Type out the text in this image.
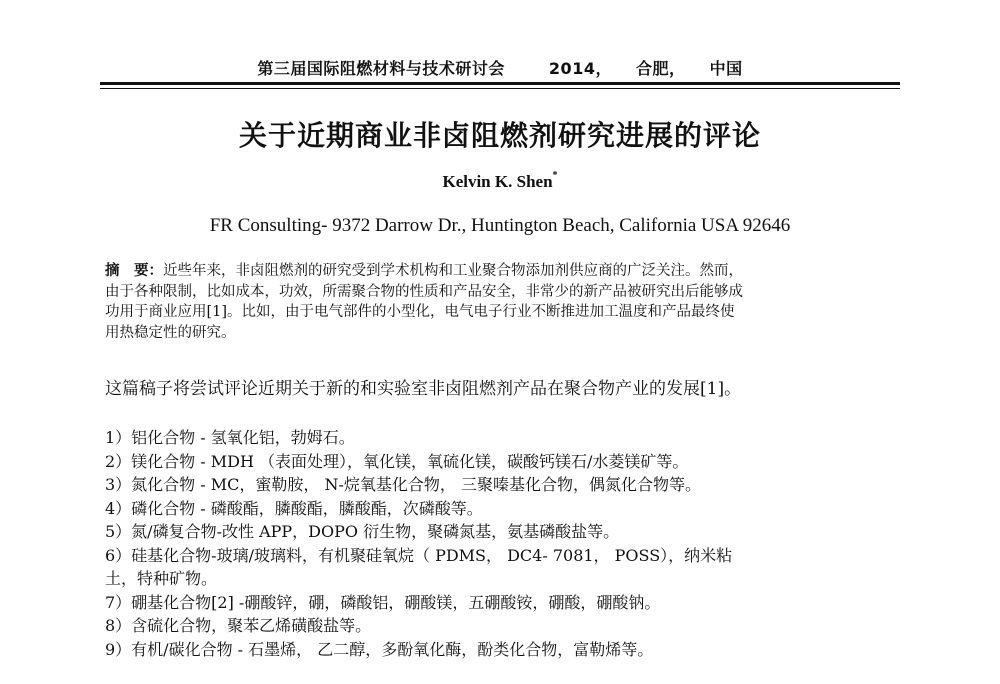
第三届国际阻燃材料与技术研讨会	2014， 合肥， 中国
关于近期商业非卤阻燃剂研究进展的评论
Kelvin K. Shen*
FR Consulting- 9372 Darrow Dr., Huntington Beach, California USA 92646
摘　要：近些年来，非卤阻燃剂的研究受到学术机构和工业聚合物添加剂供应商的广泛关注。然而，
由于各种限制，比如成本，功效，所需聚合物的性质和产品安全，非常少的新产品被研究出后能够成
功用于商业应用[1]。比如，由于电气部件的小型化，电气电子行业不断推进加工温度和产品最终使
用热稳定性的研究。
这篇稿子将尝试评论近期关于新的和实验室非卤阻燃剂产品在聚合物产业的发展[1]。
1）铝化合物 - 氢氧化铝，勃姆石。
2）镁化合物 - MDH （表面处理），氧化镁，氧硫化镁，碳酸钙镁石/水菱镁矿等。
3）氮化合物 - MC，蜜勒胺， N-烷氧基化合物， 三聚嗪基化合物，偶氮化合物等。
4）磷化合物 - 磷酸酯，膦酸酯，膦酸酯，次磷酸等。
5）氮/磷复合物-改性 APP，DOPO 衍生物，聚磷氮基，氨基磷酸盐等。
6）硅基化合物-玻璃/玻璃料，有机聚硅氧烷（ PDMS， DC4- 7081， POSS），纳米粘
土，特种矿物。
7）硼基化合物[2] -硼酸锌，硼，磷酸铝，硼酸镁，五硼酸铵，硼酸，硼酸钠。
8）含硫化合物，聚苯乙烯磺酸盐等。
9）有机/碳化合物 - 石墨烯， 乙二醇，多酚氧化酶，酚类化合物，富勒烯等。
